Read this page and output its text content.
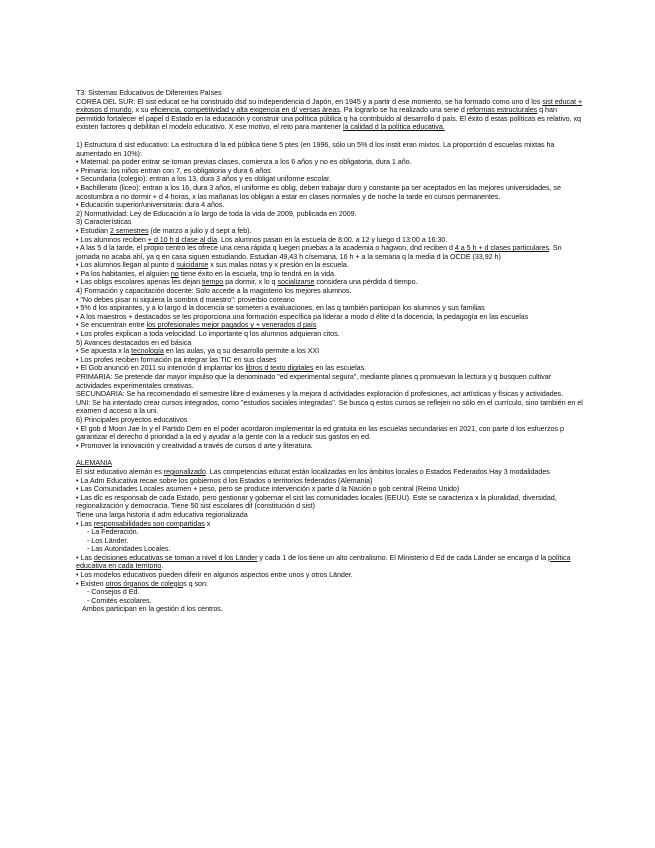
T3: Sistemas Educativos de Diferentes Países

COREA DEL SUR: El sist educat se ha construido dsd su independencia d Japón, en 1945 y a partir d ese momento, se ha formado como uno d los sist educat + exitosos d mundo, x su eficiencia, competitividad y alta exigencia en d/ versas áreas. Pa lograrlo se ha realizado una serie d reformas estructurales q han permitido fortalecer el papel d Estado en la educación y construir una política pública q ha contribuido al desarrollo d país. El éxito d estas políticas es relativo, xq existen factores q debilitan el modelo educativo. X ese motivo, el reto para mantener la calidad d la política educativa.

1) Estructura d sist educativo: La estructura d la ed pública tiene 5 ptes (en 1996, sólo un 5% d los instit eran mixtos. La proporción d escuelas mixtas ha aumentado en 10%):

• Maternal: pa poder entrar se toman previas clases, comienza a los 6 años y no es obligatoria, dura 1 año.

• Primaria: los niños entran con 7, es obligatoria y dura 6 años

• Secundaria (colegio): entran a los 13, dura 3 años y es obligat uniforme escolar.

• Bachillerato (liceo): entran a los 16, dura 3 años, el uniforme es oblig, deben trabajar duro y constante pa ser aceptados en las mejores universidades, se acostumbra a no dormir + d 4 horas, x las mañanas los obligan a estar en clases normales y de noche la tarde en cursos permanentes.

• Educación superior/universitaria: dura 4 años.

2) Normatividad: Ley de Educación a lo largo de toda la vida de 2009, publicada en 2009.

3) Características

• Estudian 2 semestres (de marzo a julio y d sept a feb).

• Los alumnos reciben + d 10 h d clase al día. Los alumnos pasan en la escuela de 8:00. a 12 y luego d 13:00 a 16:30.

• A las 5 d la tarde, el propio centro les ofrece una cena rápida q luegen pruebas a la academia o hagwon, dnd reciben d 4 a 5 h + d clases particulares. Sn jornada no acaba ahí, ya q en casa siguen estudiando. Estudian 49,43 h c/semana, 16 h + a la semana q la media d la OCDE (33,92 h)

• Los alumnos llegan al punto d suicidarse x sus malas notas y x presión en la escuela.

• Pa los habitantes, el alguien no tiene éxito en la escuela, tmp lo tendrá en la vida.

• Las obligs escolares apenas les dejan tiempo pa dormir, x lo q socializarse considera una pérdida d tiempo.

4) Formación y capacitación docente: Solo accede a la magisterio los mejores alumnos.

• "No debes pisar ni siquiera la sombra d maestro": proverbio coreano

• 5% d los aspirantes, y a lo largo d la docencia se someten a evaluaciones, en las q también participan los alumnos y sus familias

• A los maestros + destacados se les proporciona una formación específica pa liderar a modo d élite d la docencia, la pedagogía en las escuelas

• Se encuentran entre los profesionales mejor pagados y + venerados d país

• Los profes explican a toda velocidad. Lo importante q los alumnos adquieran citos.

5) Avances destacados en ed básica

• Se apuesta x la tecnología en las aulas, ya q su desarrollo permite a los XXI

• Los profes reciben formación pa integrar las TIC en sus clases

• El Gob anunció en 2011 su intención d implantar los libros d texto digitales en las escuelas.

PRIMARIA: Se pretende dar mayor impulso que la denominado "ed experimental segura", mediante planes q promuevan la lectura y q busquen cultivar actividades experimentales creativas.

SECUNDARIA: Se ha recomendado el semestre libre d exámenes y la mejora d actividades exploración d profesiones, act artísticas y físicas y actividades.

UNI: Se ha intentado crear cursos integrados, como "estudios sociales integradas". Se busca q estos cursos se reflejen no sólo en el currículo, sino también en el examen d acceso a la uni.

6) Principales proyectos educativos

• El gob d Moon Jae In y el Partido Dem en el poder acordaron implementar la ed gratuita en las escuelas secundarias en 2021, con parte d los esfuerzos p garantizar el derecho d prioridad a la ed y ayudar a la gente con la a reducir sus gastos en ed.

• Promover la innovación y creatividad a través de cursos d arte y literatura.

ALEMANIA

El sist educativo alemán es regionalizado. Las competencias educat están localizadas en los ámbitos locales o Estados Federados Hay 3 modalidades

• La Adm Educativa recae sobre los gobiernos d los Estados o territorios federados (Alemania)

• Las Comunidades Locales asumen + peso, pero se produce intervención x parte d la Nación o gob central (Reino Unido)

• Las dlc es responsab de cada Estado, pero gestionar y gobernar el sist las comunidades locales (EEUU). Este se caracteriza x la pluralidad, diversidad, regionalización y democracia. Tiene 50 sist escolares dif (constitución d sist)

Tiene una larga historia d adm educativa regionalizada

• Las responsabilidades son compartidas x

- La Federación.

- Los Länder.

- Las Autoridades Locales.

• Las decisiones educativas se toman a nivel d los Länder y cada 1 de los tiene un alto centralismo. El Ministerio d Ed de cada Länder se encarga d la política educativa en cada territorio.

• Los modelos educativos pueden diferir en algunos aspectos entre unos y otros Länder.

• Existen otros órganos de colegios q son:

- Consejos d Ed.

- Comités escolares.

Ambos participan en la gestión d los centros.
